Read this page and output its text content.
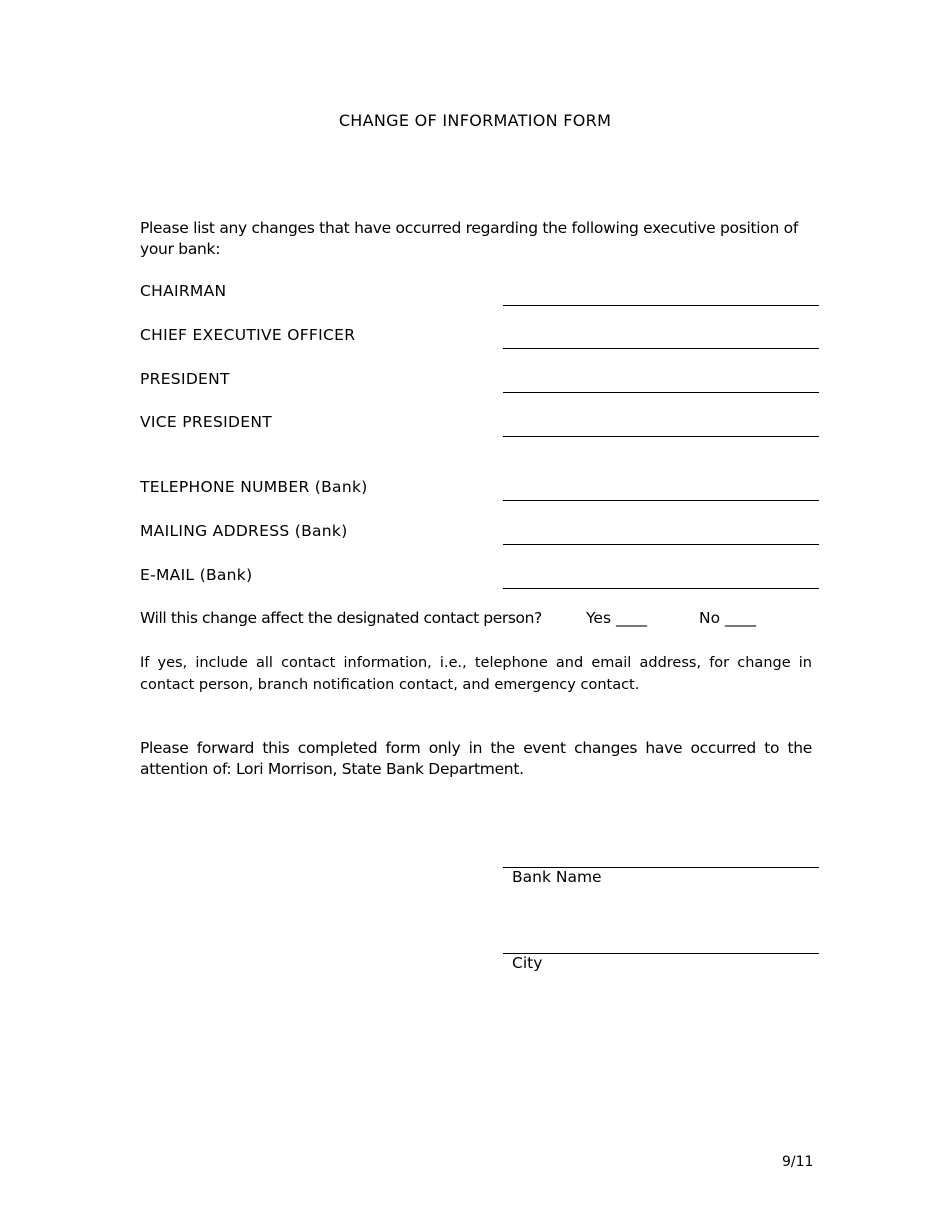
CHANGE OF INFORMATION FORM
Please list any changes that have occurred regarding the following executive position of your bank:
CHAIRMAN
CHIEF EXECUTIVE OFFICER
PRESIDENT
VICE PRESIDENT
TELEPHONE NUMBER (Bank)
MAILING ADDRESS (Bank)
E-MAIL (Bank)
Will this change affect the designated contact person?	Yes ____	No ____
If yes, include all contact information, i.e., telephone and email address, for change in contact person, branch notification contact, and emergency contact.
Please forward this completed form only in the event changes have occurred to the attention of: Lori Morrison, State Bank Department.
Bank Name
City
9/11
